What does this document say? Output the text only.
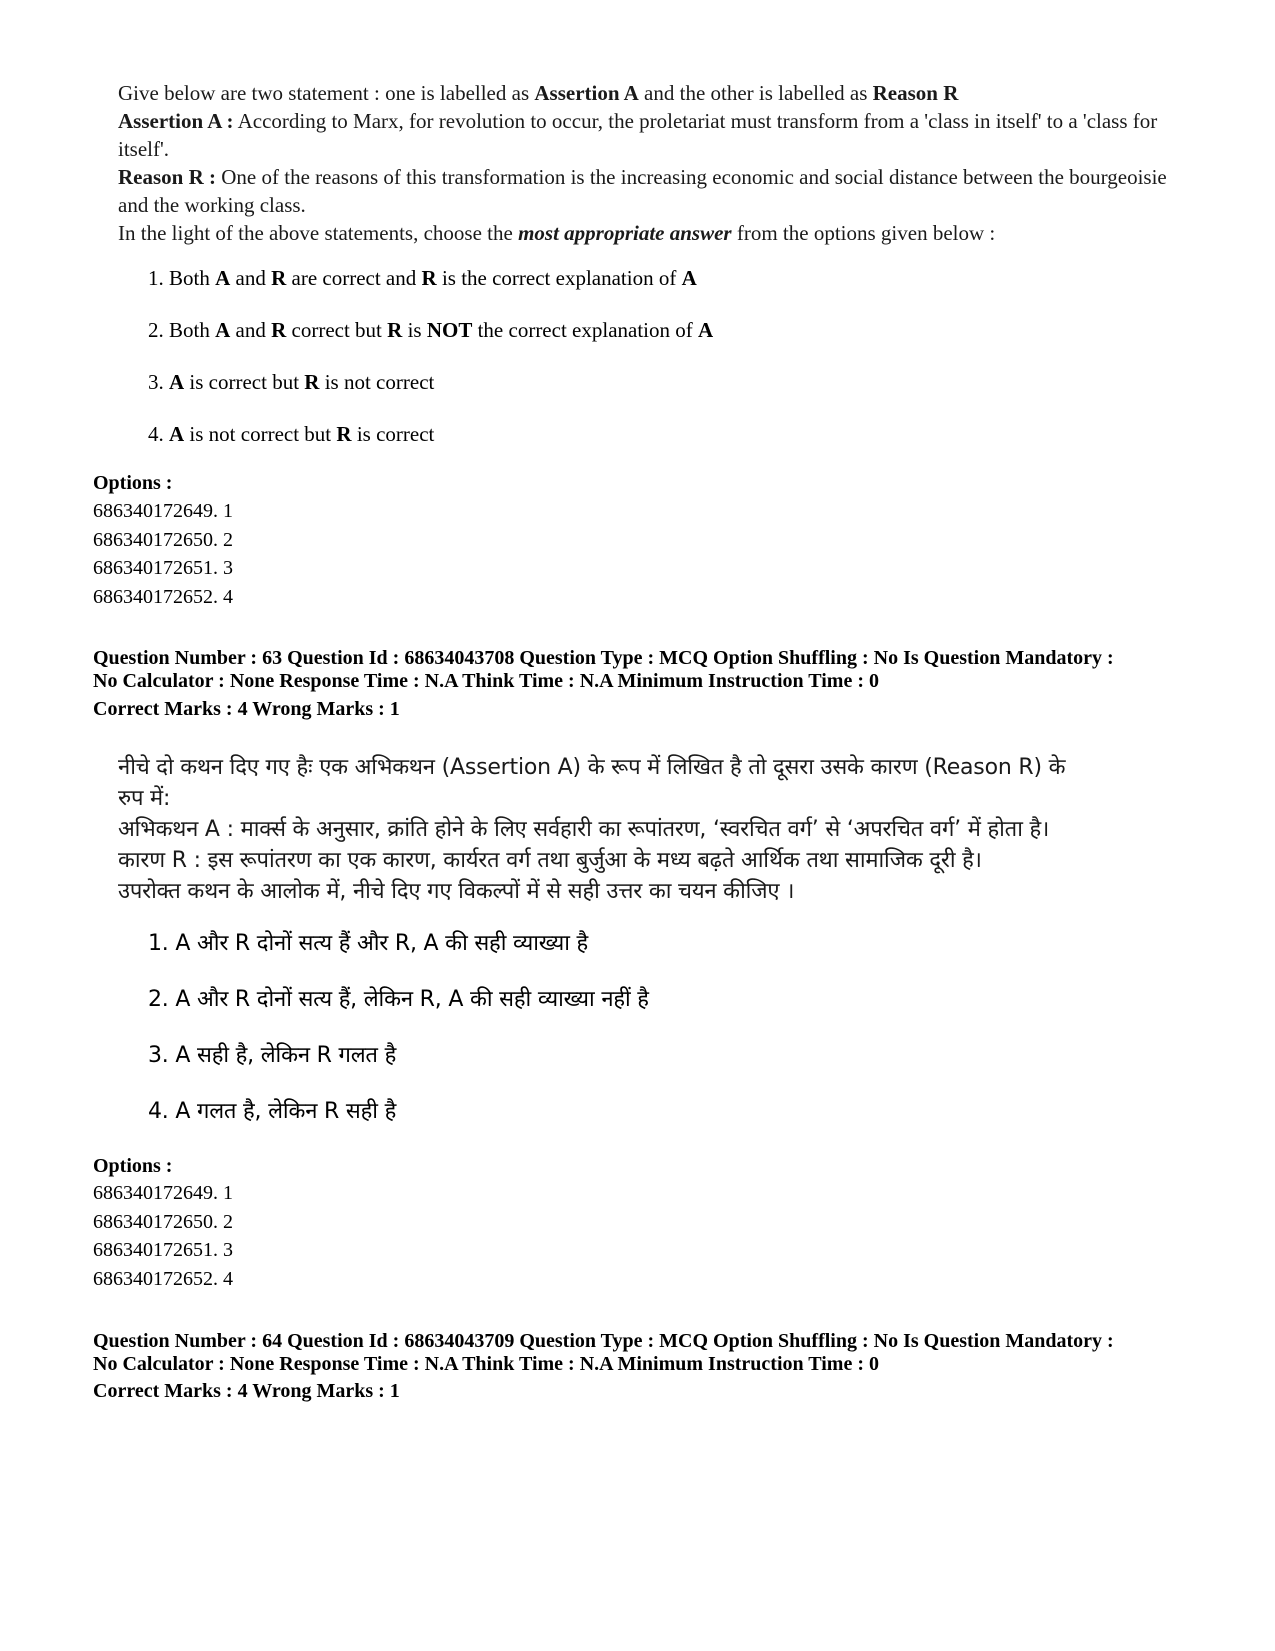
Give below are two statement : one is labelled as Assertion A and the other is labelled as Reason R

Assertion A : According to Marx, for revolution to occur, the proletariat must transform from a 'class in itself' to a 'class for itself'.

Reason R : One of the reasons of this transformation is the increasing economic and social distance between the bourgeoisie and the working class.

In the light of the above statements, choose the most appropriate answer from the options given below :

1. Both A and R are correct and R is the correct explanation of A
2. Both A and R correct but R is NOT the correct explanation of A
3. A is correct but R is not correct
4. A is not correct but R is correct
Options :
686340172649. 1
686340172650. 2
686340172651. 3
686340172652. 4
Question Number : 63 Question Id : 68634043708 Question Type : MCQ Option Shuffling : No Is Question Mandatory :
No Calculator : None Response Time : N.A Think Time : N.A Minimum Instruction Time : 0
Correct Marks : 4 Wrong Marks : 1

नीचे दो कथन दिए गए हैः एक अभिकथन (Assertion A) के रूप में लिखित है तो दूसरा उसके कारण (Reason R) के

रुप में:

अभिकथन A : मार्क्स के अनुसार, क्रांति होने के लिए सर्वहारी का रूपांतरण, ‘स्वरचित वर्ग’ से ‘अपरचित वर्ग’ में होता है।

कारण R : इस रूपांतरण का एक कारण, कार्यरत वर्ग तथा बुर्जुआ के मध्य बढ़ते आर्थिक तथा सामाजिक दूरी है।

उपरोक्त कथन के आलोक में, नीचे दिए गए विकल्पों में से सही उत्तर का चयन कीजिए ।

1. A और R दोनों सत्य हैं और R, A की सही व्याख्या है
2. A और R दोनों सत्य हैं, लेकिन R, A की सही व्याख्या नहीं है
3. A सही है, लेकिन R गलत है
4. A गलत है, लेकिन R सही है
Options :
686340172649. 1
686340172650. 2
686340172651. 3
686340172652. 4
Question Number : 64 Question Id : 68634043709 Question Type : MCQ Option Shuffling : No Is Question Mandatory :
No Calculator : None Response Time : N.A Think Time : N.A Minimum Instruction Time : 0
Correct Marks : 4 Wrong Marks : 1
